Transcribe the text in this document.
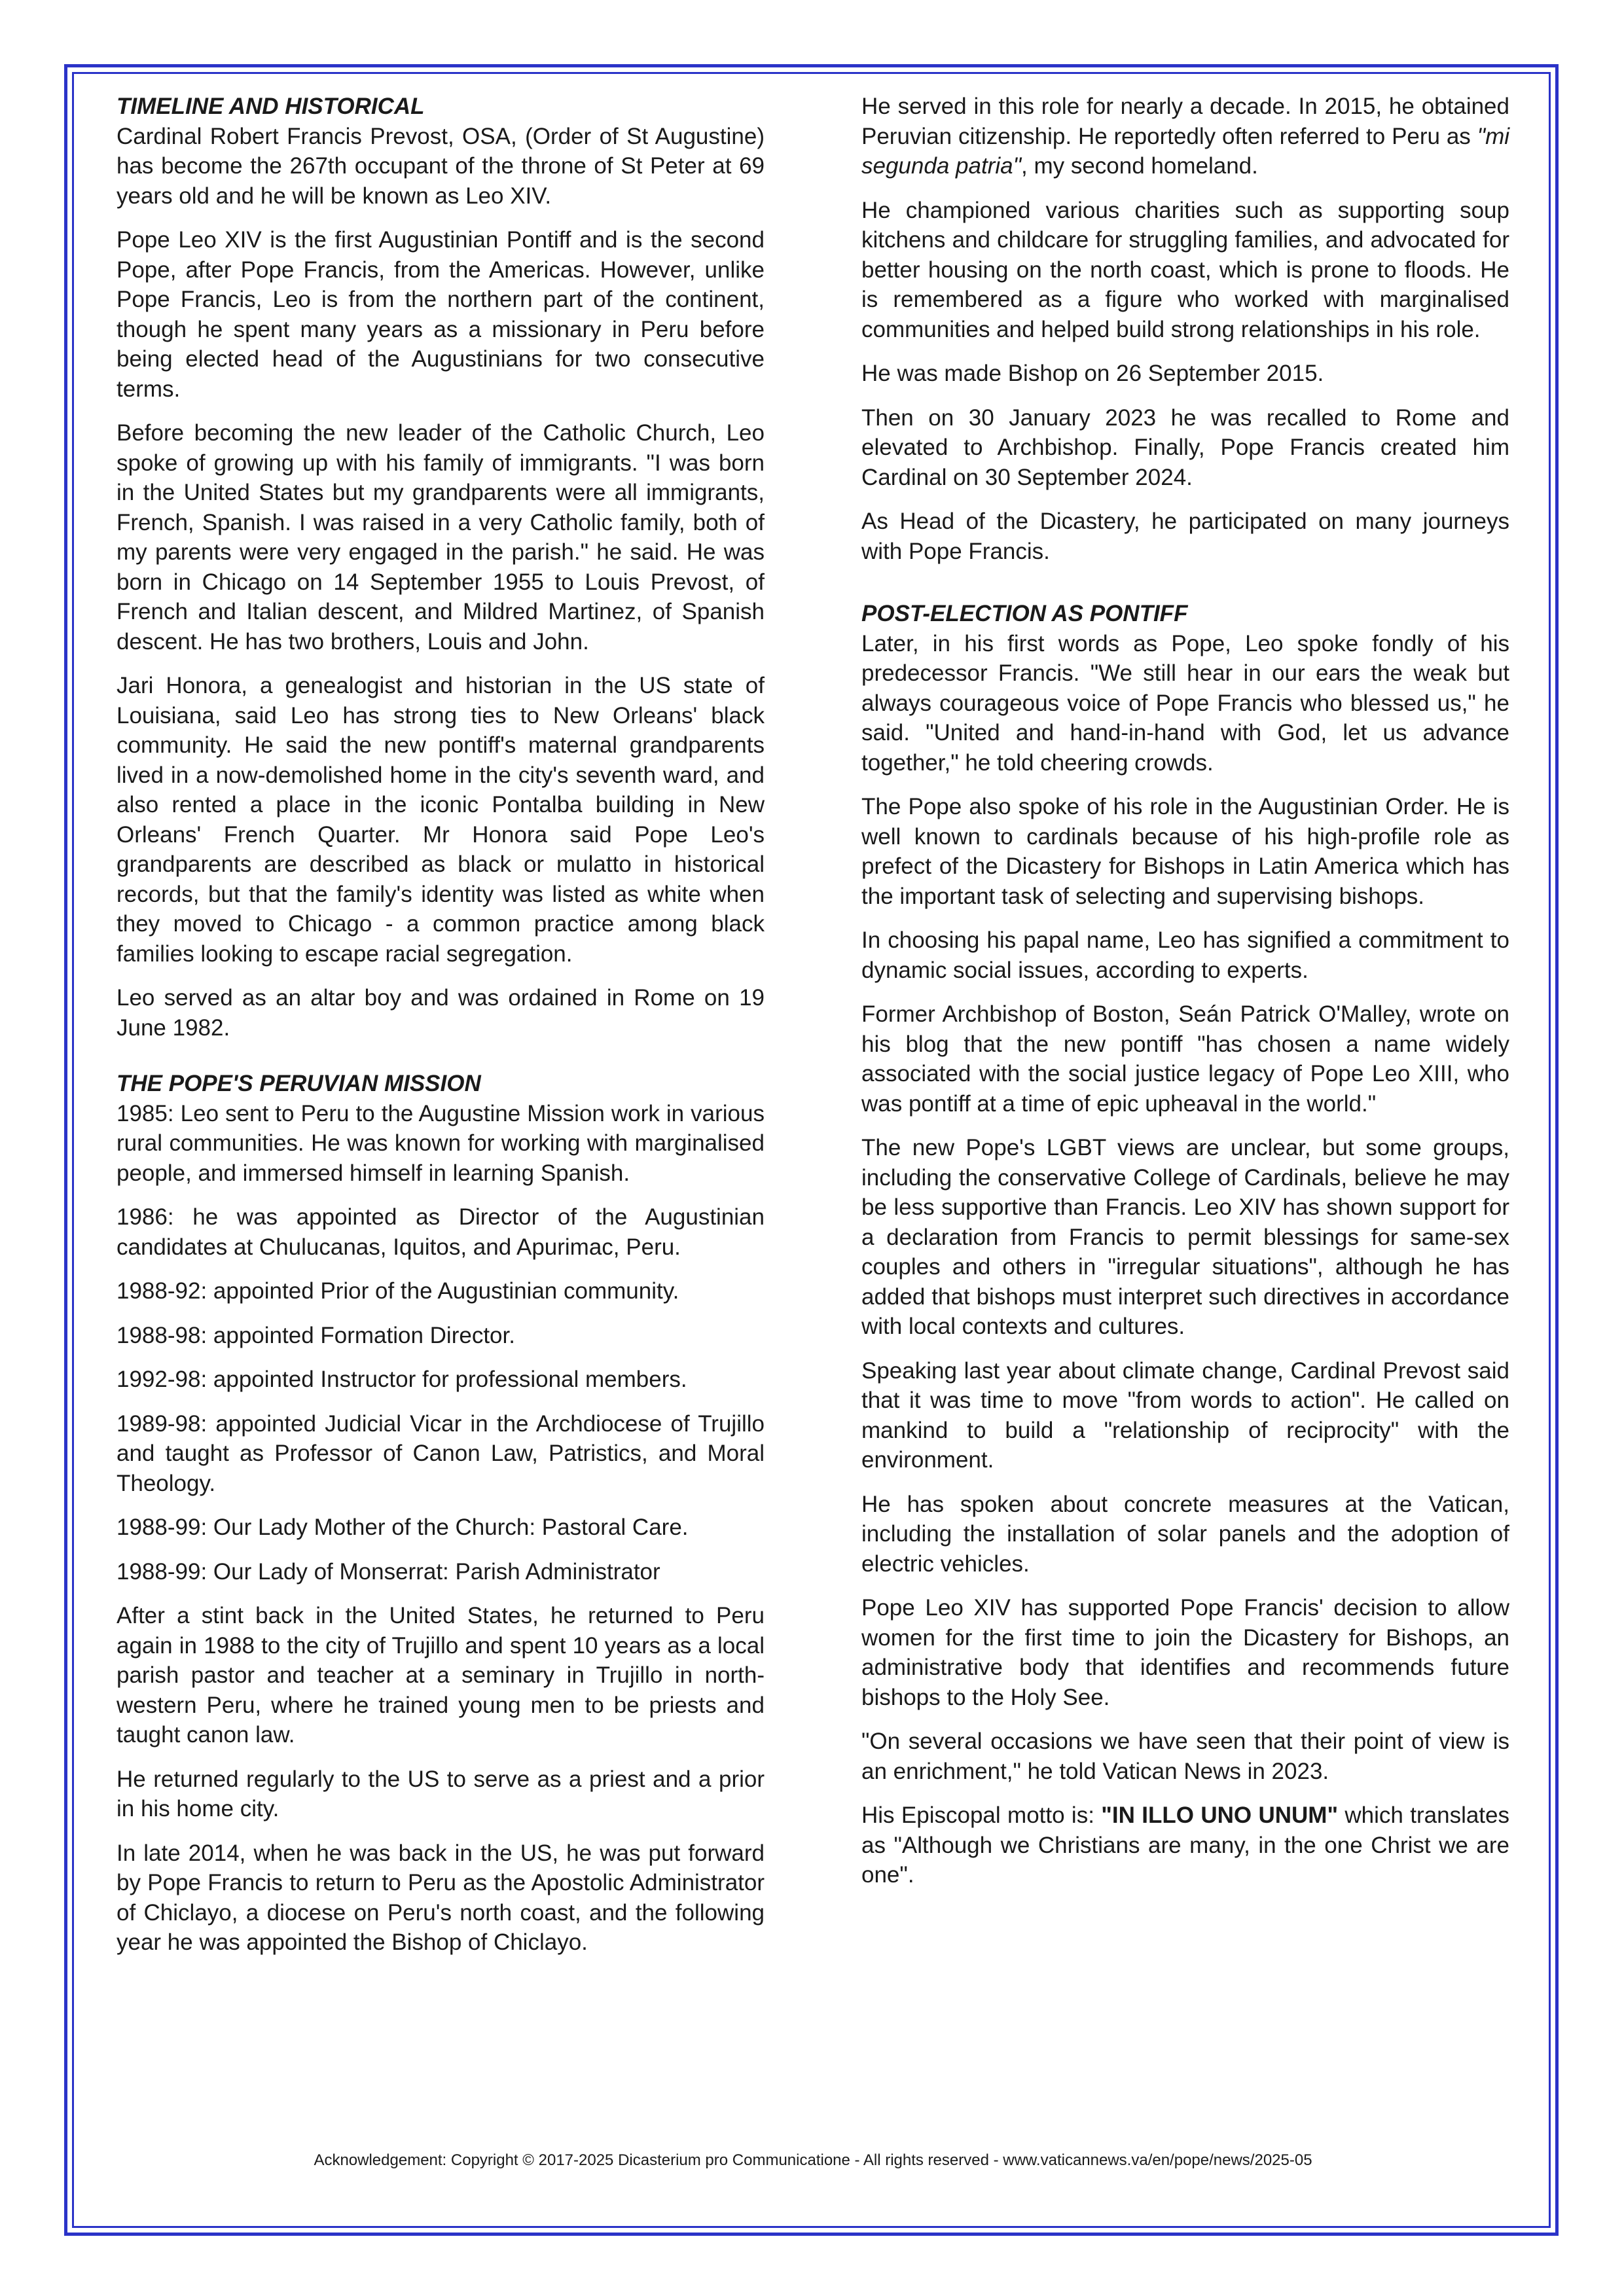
TIMELINE AND HISTORICAL

Cardinal Robert Francis Prevost, OSA, (Order of St Augustine) has become the 267th occupant of the throne of St Peter at 69 years old and he will be known as Leo XIV.

Pope Leo XIV is the first Augustinian Pontiff and is the second Pope, after Pope Francis, from the Americas. However, unlike Pope Francis, Leo is from the northern part of the continent, though he spent many years as a missionary in Peru before being elected head of the Augustinians for two consecutive terms.

Before becoming the new leader of the Catholic Church, Leo spoke of growing up with his family of immigrants. "I was born in the United States but my grandparents were all immigrants, French, Spanish. I was raised in a very Catholic family, both of my parents were very engaged in the parish." he said. He was born in Chicago on 14 September 1955 to Louis Prevost, of French and Italian descent, and Mildred Martinez, of Spanish descent. He has two brothers, Louis and John.

Jari Honora, a genealogist and historian in the US state of Louisiana, said Leo has strong ties to New Orleans' black community. He said the new pontiff's maternal grandparents lived in a now-demolished home in the city's seventh ward, and also rented a place in the iconic Pontalba building in New Orleans' French Quarter. Mr Honora said Pope Leo's grandparents are described as black or mulatto in historical records, but that the family's identity was listed as white when they moved to Chicago - a common practice among black families looking to escape racial segregation.

Leo served as an altar boy and was ordained in Rome on 19 June 1982.

THE POPE'S PERUVIAN MISSION

1985: Leo sent to Peru to the Augustine Mission work in various rural communities. He was known for working with marginalised people, and immersed himself in learning Spanish.

1986: he was appointed as Director of the Augustinian candidates at Chulucanas, Iquitos, and Apurimac, Peru.

1988-92: appointed Prior of the Augustinian community.

1988-98: appointed Formation Director.

1992-98: appointed Instructor for professional members.

1989-98: appointed Judicial Vicar in the Archdiocese of Trujillo and taught as Professor of Canon Law, Patristics, and Moral Theology.

1988-99: Our Lady Mother of the Church: Pastoral Care.

1988-99: Our Lady of Monserrat: Parish Administrator

After a stint back in the United States, he returned to Peru again in 1988 to the city of Trujillo and spent 10 years as a local parish pastor and teacher at a seminary in Trujillo in north-western Peru, where he trained young men to be priests and taught canon law.

He returned regularly to the US to serve as a priest and a prior in his home city.

In late 2014, when he was back in the US, he was put forward by Pope Francis to return to Peru as the Apostolic Administrator of Chiclayo, a diocese on Peru's north coast, and the following year he was appointed the Bishop of Chiclayo.

He served in this role for nearly a decade. In 2015, he obtained Peruvian citizenship. He reportedly often referred to Peru as "mi segunda patria", my second homeland.

He championed various charities such as supporting soup kitchens and childcare for struggling families, and advocated for better housing on the north coast, which is prone to floods. He is remembered as a figure who worked with marginalised communities and helped build strong relationships in his role.

He was made Bishop on 26 September 2015.

Then on 30 January 2023 he was recalled to Rome and elevated to Archbishop. Finally, Pope Francis created him Cardinal on 30 September 2024.

As Head of the Dicastery, he participated on many journeys with Pope Francis.

POST-ELECTION AS PONTIFF

Later, in his first words as Pope, Leo spoke fondly of his predecessor Francis. "We still hear in our ears the weak but always courageous voice of Pope Francis who blessed us," he said. "United and hand-in-hand with God, let us advance together," he told cheering crowds.

The Pope also spoke of his role in the Augustinian Order. He is well known to cardinals because of his high-profile role as prefect of the Dicastery for Bishops in Latin America which has the important task of selecting and supervising bishops.

In choosing his papal name, Leo has signified a commitment to dynamic social issues, according to experts.

Former Archbishop of Boston, Seán Patrick O'Malley, wrote on his blog that the new pontiff "has chosen a name widely associated with the social justice legacy of Pope Leo XIII, who was pontiff at a time of epic upheaval in the world."

The new Pope's LGBT views are unclear, but some groups, including the conservative College of Cardinals, believe he may be less supportive than Francis. Leo XIV has shown support for a declaration from Francis to permit blessings for same-sex couples and others in "irregular situations", although he has added that bishops must interpret such directives in accordance with local contexts and cultures.

Speaking last year about climate change, Cardinal Prevost said that it was time to move "from words to action". He called on mankind to build a "relationship of reciprocity" with the environment.

He has spoken about concrete measures at the Vatican, including the installation of solar panels and the adoption of electric vehicles.

Pope Leo XIV has supported Pope Francis' decision to allow women for the first time to join the Dicastery for Bishops, an administrative body that identifies and recommends future bishops to the Holy See.

"On several occasions we have seen that their point of view is an enrichment," he told Vatican News in 2023.

His Episcopal motto is: "IN ILLO UNO UNUM" which translates as "Although we Christians are many, in the one Christ we are one".

Acknowledgement: Copyright © 2017-2025 Dicasterium pro Communicatione - All rights reserved - www.vaticannews.va/en/pope/news/2025-05
